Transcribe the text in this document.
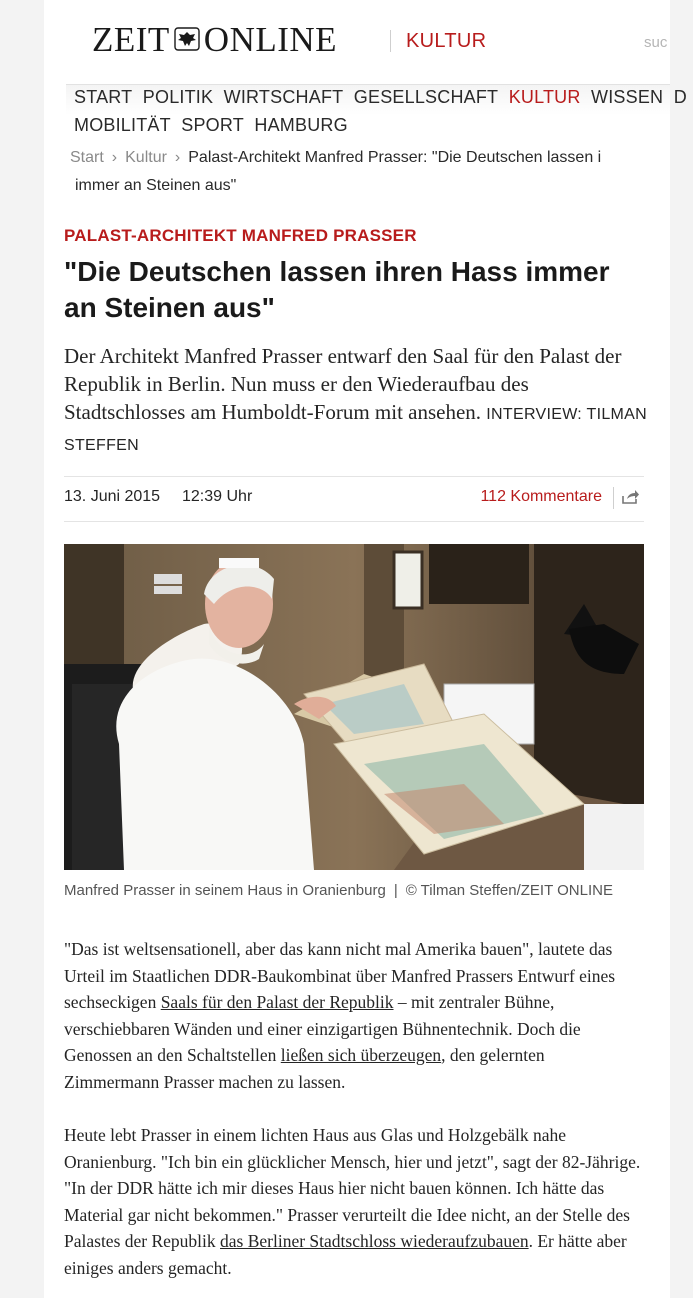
ZEIT ONLINE	KULTUR	suc
START POLITIK WIRTSCHAFT GESELLSCHAFT KULTUR WISSEN D
MOBILITÄT SPORT HAMBURG
Start › Kultur › Palast-Architekt Manfred Prasser: "Die Deutschen lassen i
immer an Steinen aus"
PALAST-ARCHITEKT MANFRED PRASSER
"Die Deutschen lassen ihren Hass immer an Steinen aus"

Der Architekt Manfred Prasser entwarf den Saal für den Palast der Republik in Berlin. Nun muss er den Wiederaufbau des Stadtschlosses am Humboldt-Forum mit ansehen. INTERVIEW: TILMAN STEFFEN

13. Juni 2015 12:39 Uhr	112 Kommentare
Manfred Prasser in seinem Haus in Oranienburg | © Tilman Steffen/ZEIT ONLINE

"Das ist weltsensationell, aber das kann nicht mal Amerika bauen", lautete das Urteil im Staatlichen DDR-Baukombinat über Manfred Prassers Entwurf eines sechseckigen Saals für den Palast der Republik – mit zentraler Bühne, verschiebbaren Wänden und einer einzigartigen Bühnentechnik. Doch die Genossen an den Schaltstellen ließen sich überzeugen, den gelernten Zimmermann Prasser machen zu lassen.

Heute lebt Prasser in einem lichten Haus aus Glas und Holzgebälk nahe Oranienburg. "Ich bin ein glücklicher Mensch, hier und jetzt", sagt der 82-Jährige. "In der DDR hätte ich mir dieses Haus hier nicht bauen können. Ich hätte das Material gar nicht bekommen." Prasser verurteilt die Idee nicht, an der Stelle des Palastes der Republik das Berliner Stadtschloss wiederaufzubauen. Er hätte aber einiges anders gemacht.
